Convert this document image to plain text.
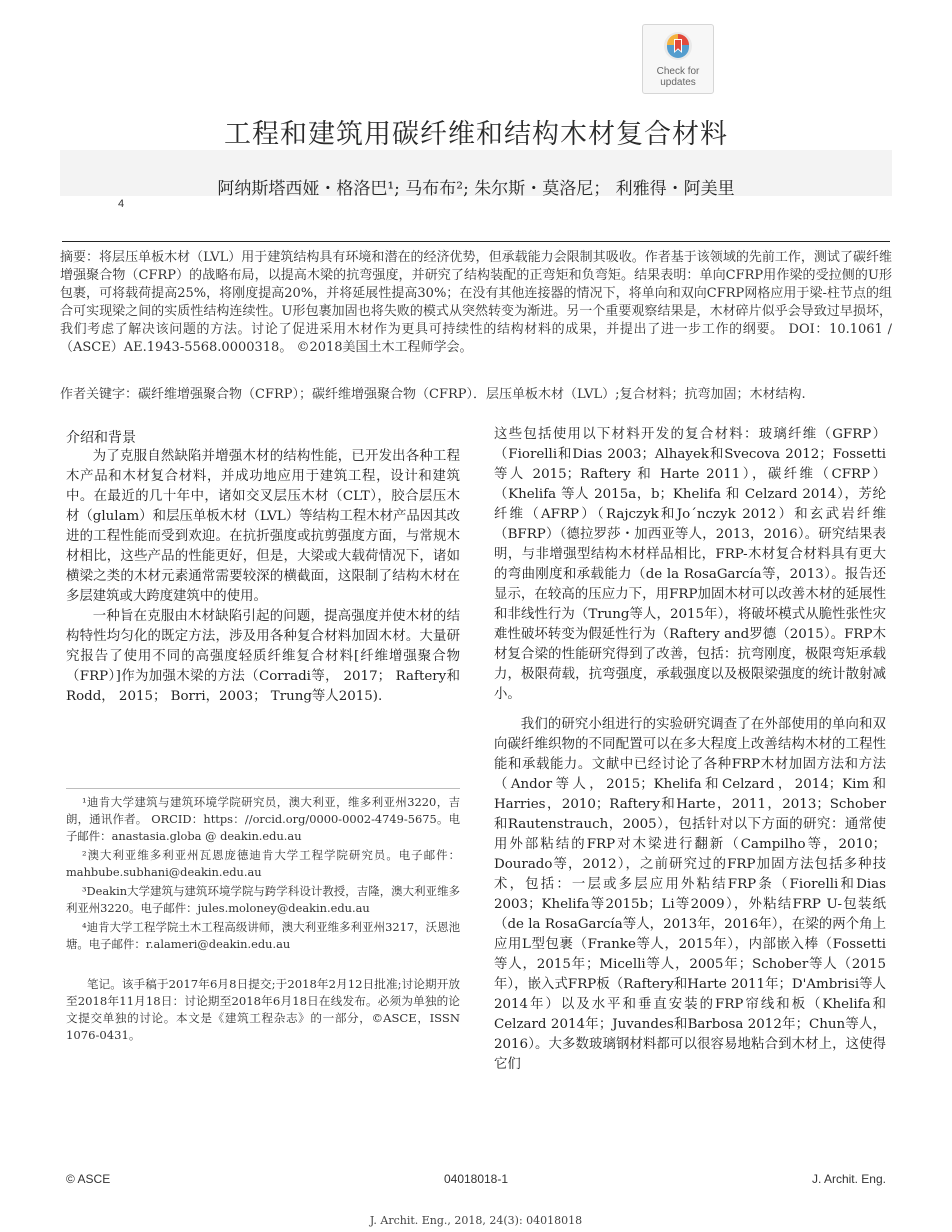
Check for
updates
工程和建筑用碳纤维和结构木材复合材料
阿纳斯塔西娅・格洛巴¹; 马布布²; 朱尔斯・莫洛尼； 利雅得・阿美里
4
摘要：将层压单板木材（LVL）用于建筑结构具有环境和潜在的经济优势，但承载能力会限制其吸收。作者基于该领域的先前工作，测试了碳纤维增强聚合物（CFRP）的战略布局，以提高木梁的抗弯强度，并研究了结构装配的正弯矩和负弯矩。结果表明：单向CFRP用作梁的受拉侧的U形包裹，可将载荷提高25%，将刚度提高20%，并将延展性提高30%；在没有其他连接器的情况下，将单向和双向CFRP网格应用于梁-柱节点的组合可实现梁之间的实质性结构连续性。U形包裹加固也将失败的模式从突然转变为渐进。另一个重要观察结果是，木材碎片似乎会导致过早损坏，我们考虑了解决该问题的方法。讨论了促进采用木材作为更具可持续性的结构材料的成果，并提出了进一步工作的纲要。 DOI：10.1061 /（ASCE）AE.1943-5568.0000318。 ©2018美国土木工程师学会。
作者关键字：碳纤维增强聚合物（CFRP）；碳纤维增强聚合物（CFRP）．层压单板木材（LVL）;复合材料；抗弯加固；木材结构.
介绍和背景

为了克服自然缺陷并增强木材的结构性能，已开发出各种工程木产品和木材复合材料，并成功地应用于建筑工程，设计和建筑中。在最近的几十年中，诸如交叉层压木材（CLT），胶合层压木材（glulam）和层压单板木材（LVL）等结构工程木材产品因其改进的工程性能而受到欢迎。在抗折强度或抗剪强度方面，与常规木材相比，这些产品的性能更好，但是，大梁或大载荷情况下，诸如横梁之类的木材元素通常需要较深的横截面，这限制了结构木材在多层建筑或大跨度建筑中的使用。

一种旨在克服由木材缺陷引起的问题，提高强度并使木材的结构特性均匀化的既定方法，涉及用各种复合材料加固木材。大量研究报告了使用不同的高强度轻质纤维复合材料[纤维增强聚合物（FRP）]作为加强木梁的方法（Corradi等， 2017； Raftery和Rodd， 2015； Borri，2003； Trung等人2015).

¹迪肯大学建筑与建筑环境学院研究员，澳大利亚，维多利亚州3220，吉朗，通讯作者。 ORCID：https：//orcid.org/0000-0002-4749-5675。电子邮件：anastasia.globa @ deakin.edu.au
²澳大利亚维多利亚州瓦恩庞德迪肯大学工程学院研究员。电子邮件：mahbube.subhani@deakin.edu.au
³Deakin大学建筑与建筑环境学院与跨学科设计教授，吉隆，澳大利亚维多利亚州3220。电子邮件：jules.moloney@deakin.edu.au
⁴迪肯大学工程学院土木工程高级讲师，澳大利亚维多利亚州3217，沃恩池塘。电子邮件：r.alameri@deakin.edu.au
笔记。该手稿于2017年6月8日提交;于2018年2月12日批准;讨论期开放至2018年11月18日：讨论期至2018年6月18日在线发布。必须为单独的论文提交单独的讨论。本文是《建筑工程杂志》的一部分，©ASCE，ISSN 1076-0431。

这些包括使用以下材料开发的复合材料：玻璃纤维（GFRP）（Fiorelli和Dias 2003；Alhayek和Svecova 2012；Fossetti 等人 2015；Raftery 和 Harte 2011），碳纤维（CFRP）（Khelifa 等人 2015a，b；Khelifa 和 Celzard 2014），芳纶纤维（AFRP）（Rajczyk和Jo´nczyk 2012）和玄武岩纤维（BFRP）（德拉罗莎・加西亚等人，2013，2016）。研究结果表明，与非增强型结构木材样品相比，FRP-木材复合材料具有更大的弯曲刚度和承载能力（de la RosaGarcía等，2013）。报告还显示，在较高的压应力下，用FRP加固木材可以改善木材的延展性和非线性行为（Trung等人，2015年），将破坏模式从脆性张性灾难性破坏转变为假延性行为（Raftery and罗德（2015）。FRP木材复合梁的性能研究得到了改善，包括：抗弯刚度，极限弯矩承载力，极限荷载，抗弯强度，承载强度以及极限梁强度的统计散射减小。

我们的研究小组进行的实验研究调查了在外部使用的单向和双向碳纤维织物的不同配置可以在多大程度上改善结构木材的工程性能和承载能力。文献中已经讨论了各种FRP木材加固方法和方法（Andor等人，2015；Khelifa和Celzard，2014；Kim和Harries，2010；Raftery和Harte，2011，2013；Schober和Rautenstrauch，2005），包括针对以下方面的研究：通常使用外部粘结的FRP对木梁进行翻新（Campilho等，2010；Dourado等，2012），之前研究过的FRP加固方法包括多种技术，包括：一层或多层应用外粘结FRP条（Fiorelli和Dias 2003；Khelifa等2015b；Li等2009），外粘结FRP U-包装纸（de la RosaGarcía等人，2013年，2016年），在梁的两个角上应用L型包裹（Franke等人，2015年），内部嵌入棒（Fossetti等人，2015年；Micelli等人，2005年；Schober等人（2015年），嵌入式FRP板（Raftery和Harte 2011年；D'Ambrisi等人2014年）以及水平和垂直安装的FRP帘线和板（Khelifa和Celzard 2014年；Juvandes和Barbosa 2012年；Chun等人，2016）。大多数玻璃钢材料都可以很容易地粘合到木材上，这使得它们

© ASCE	04018018-1	J. Archit. Eng.
J. Archit. Eng., 2018, 24(3): 04018018
